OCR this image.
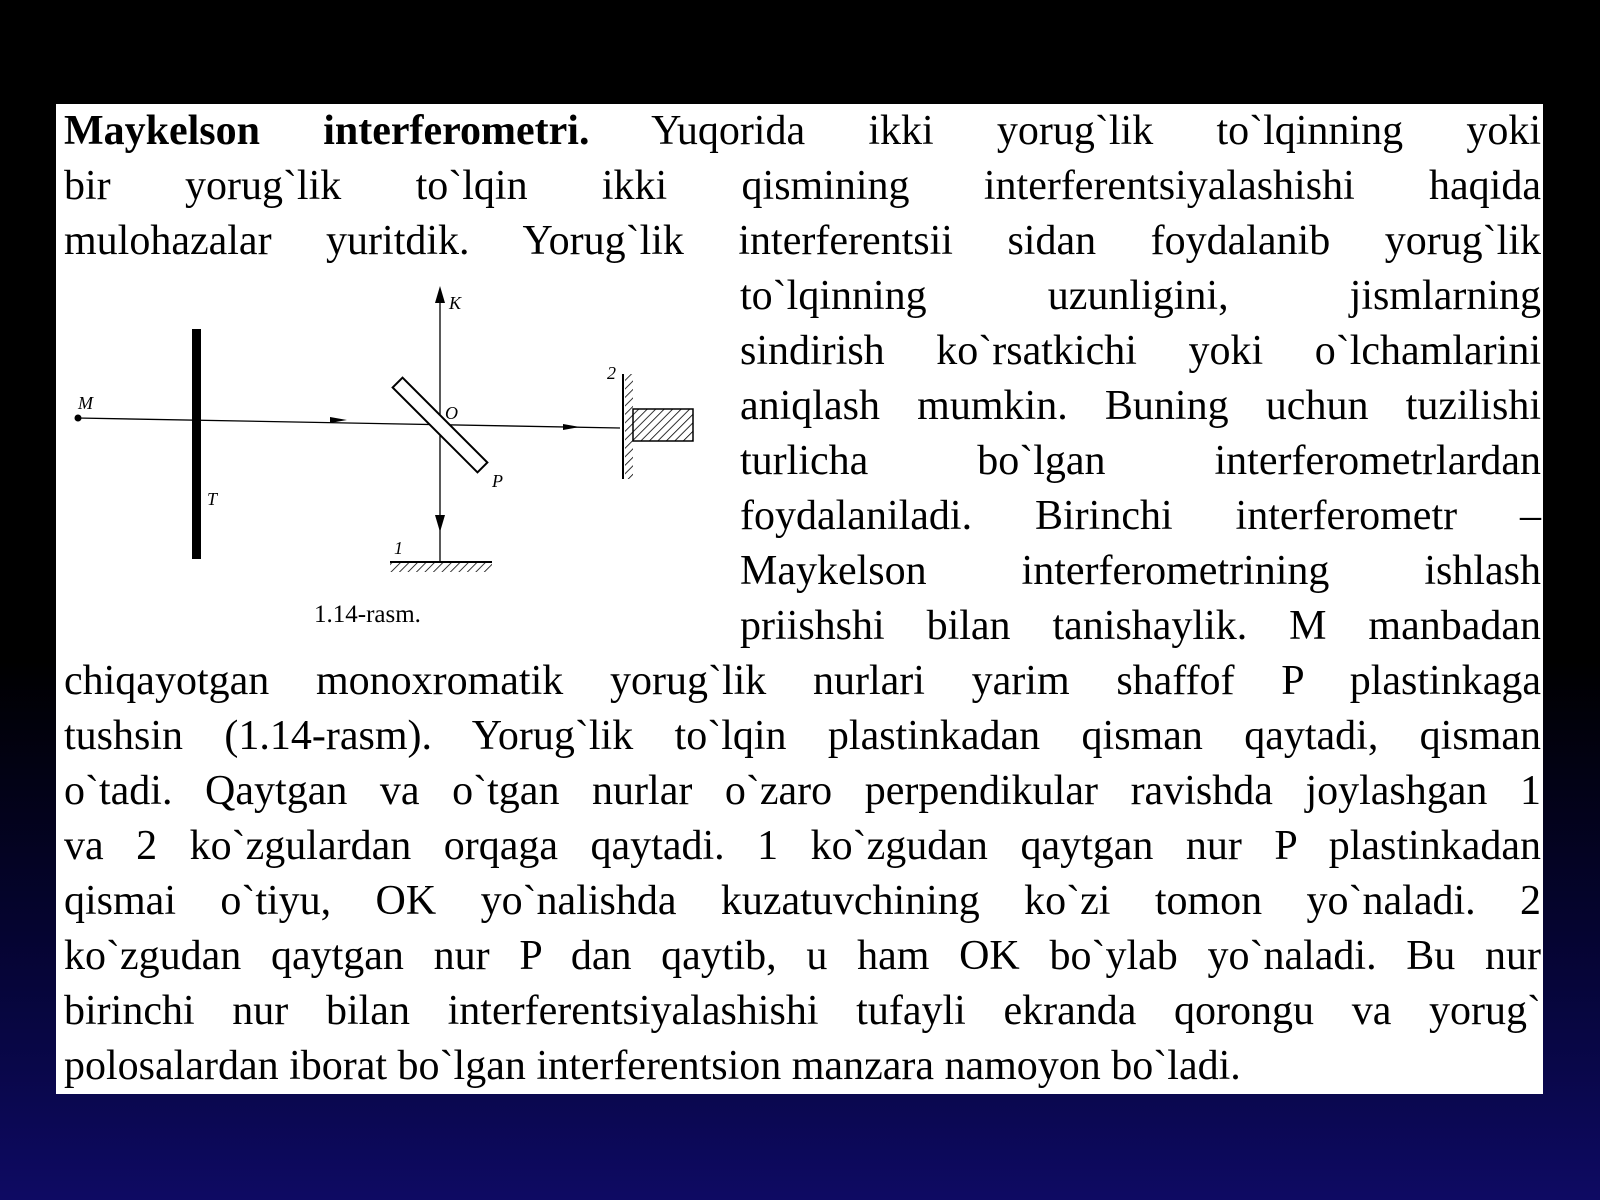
Maykelson interferometri. Yuqorida ikki yorug`lik to`lqinning yoki
bir yorug`lik to`lqin ikki qismining interferentsiyalashishi haqida
mulohazalar yuritdik. Yorug`lik interferentsii sidan foydalanib yorug`lik
to`lqinning uzunligini, jismlarning
sindirish ko`rsatkichi yoki o`lchamlarini
aniqlash mumkin. Buning uchun tuzilishi
turlicha bo`lgan interferometrlardan
foydalaniladi. Birinchi interferometr –
Maykelson interferometrining ishlash
priishshi bilan tanishaylik. M manbadan
chiqayotgan monoxromatik yorug`lik nurlari yarim shaffof P plastinkaga
tushsin (1.14-rasm). Yorug`lik to`lqin plastinkadan qisman qaytadi, qisman
o`tadi. Qaytgan va o`tgan nurlar o`zaro perpendikular ravishda joylashgan 1
va 2 ko`zgulardan orqaga qaytadi. 1 ko`zgudan qaytgan nur P plastinkadan
qismai o`tiyu, OK yo`nalishda kuzatuvchining ko`zi tomon yo`naladi. 2
ko`zgudan qaytgan nur P dan qaytib, u ham OK bo`ylab yo`naladi. Bu nur
birinchi nur bilan interferentsiyalashishi tufayli ekranda qorongu va yorug`
polosalardan iborat bo`lgan interferentsion manzara namoyon bo`ladi.
M
T
K
O
P
1
2
1.14-rasm.
